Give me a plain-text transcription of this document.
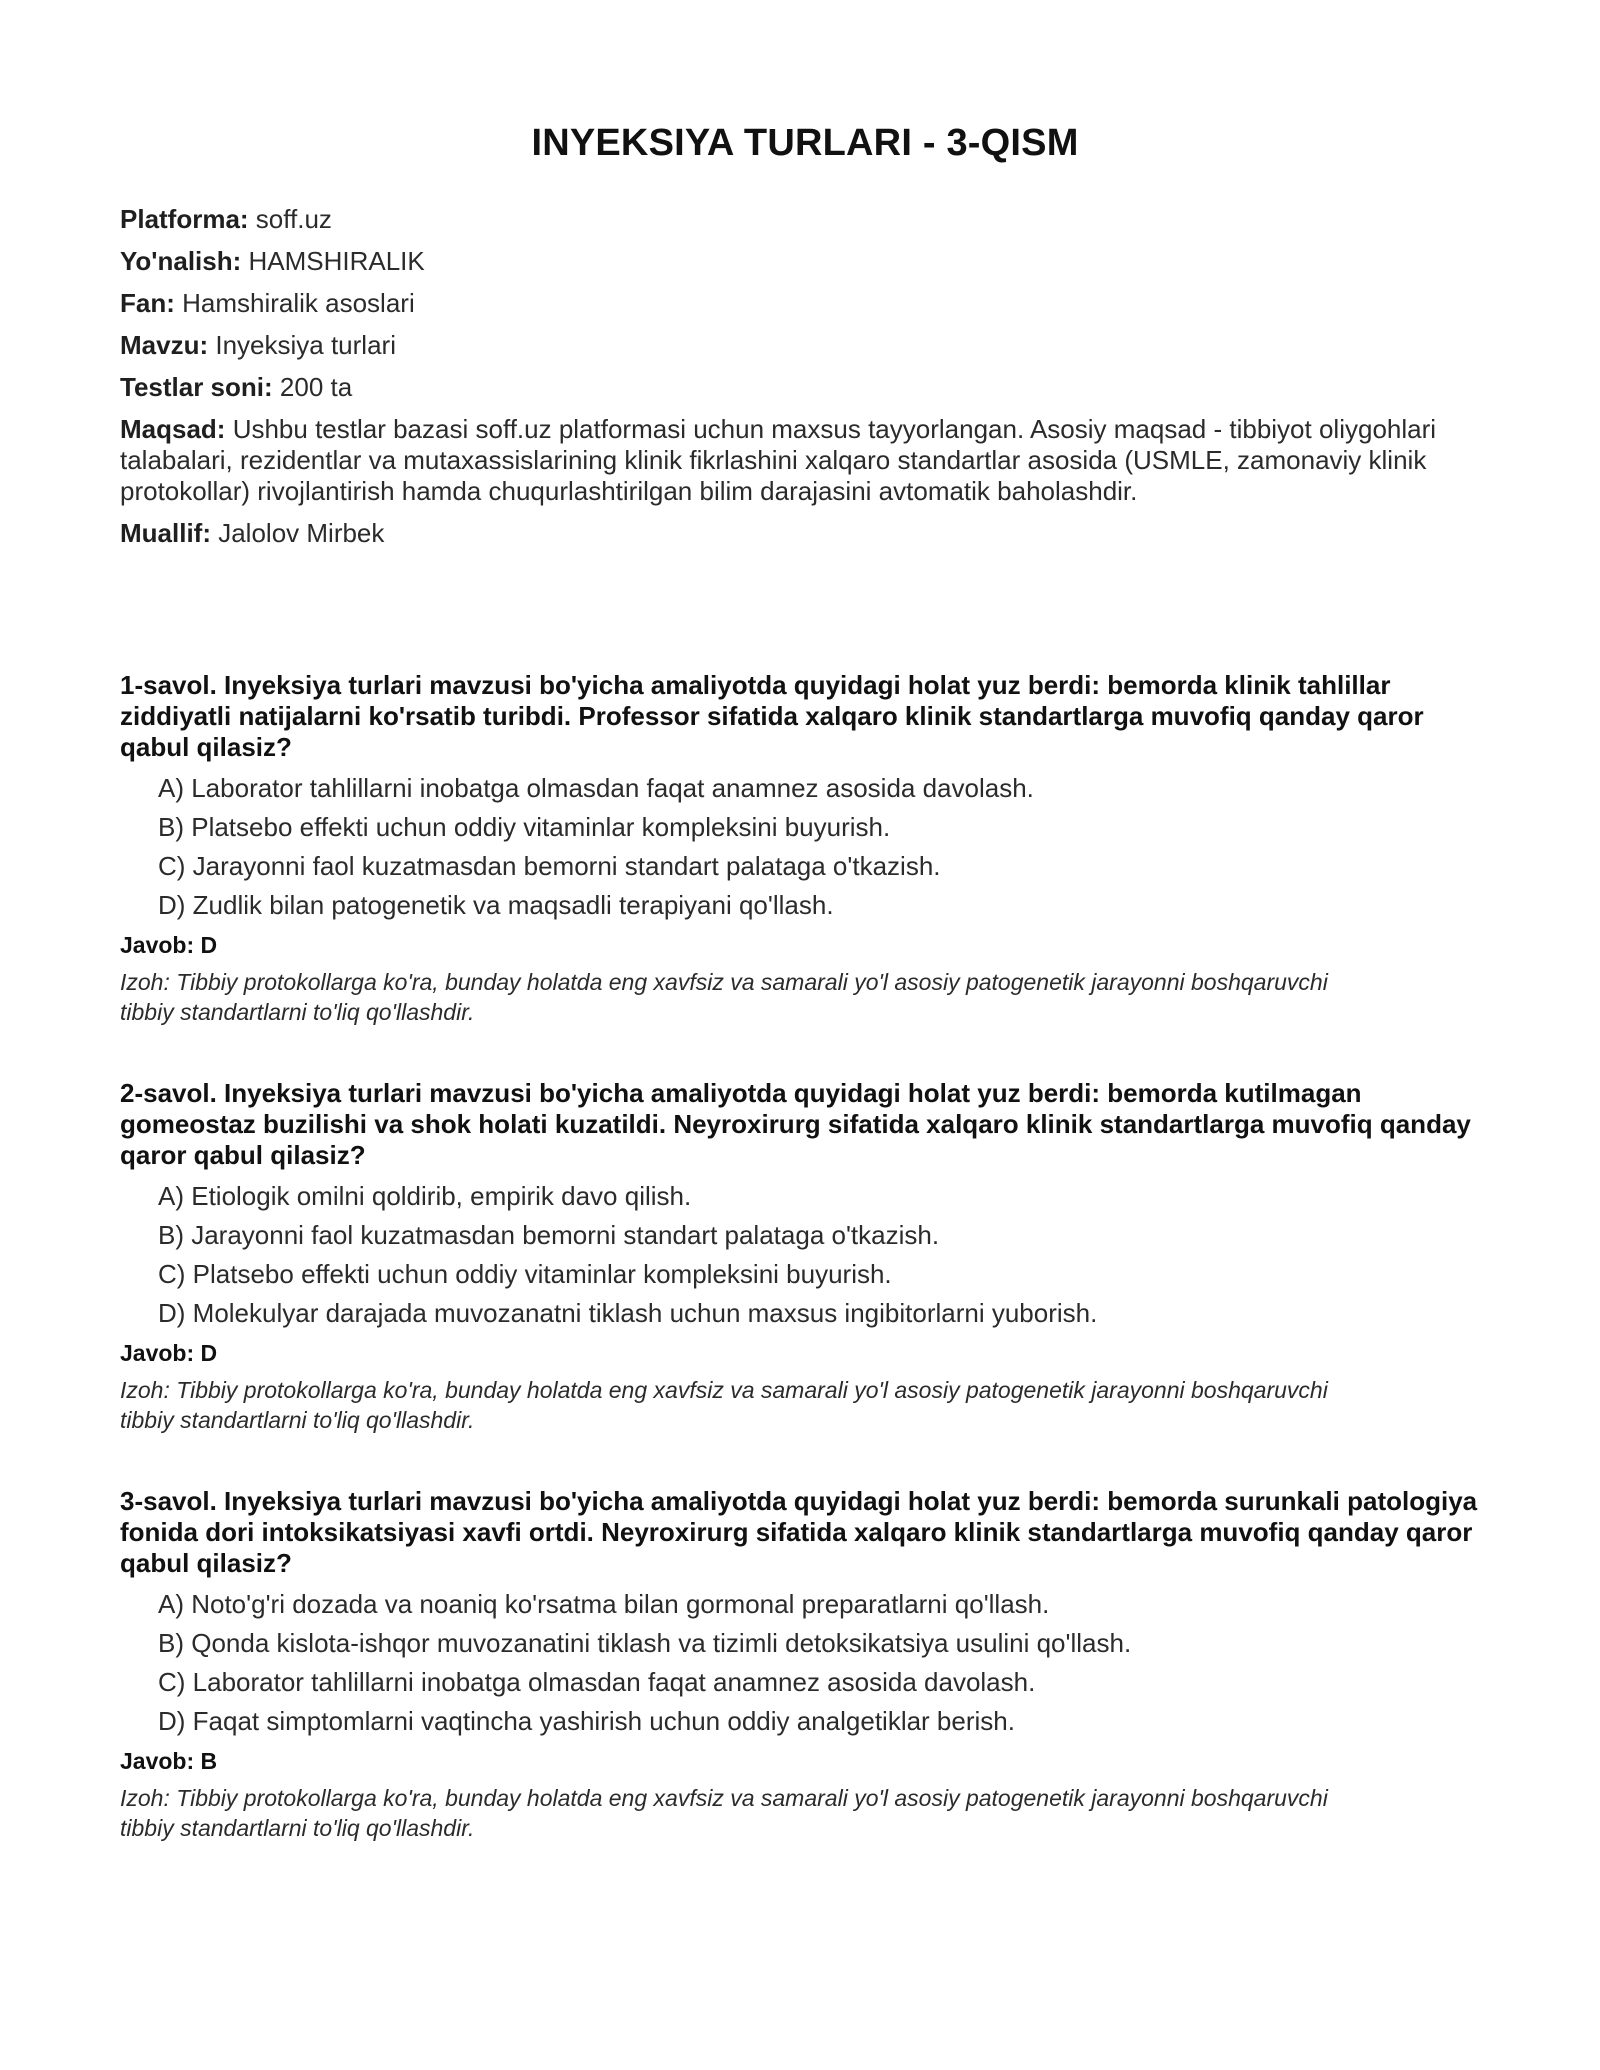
INYEKSIYA TURLARI - 3-QISM
Platforma: soff.uz
Yo'nalish: HAMSHIRALIK
Fan: Hamshiralik asoslari
Mavzu: Inyeksiya turlari
Testlar soni: 200 ta
Maqsad: Ushbu testlar bazasi soff.uz platformasi uchun maxsus tayyorlangan. Asosiy maqsad - tibbiyot oliygohlari talabalari, rezidentlar va mutaxassislarining klinik fikrlashini xalqaro standartlar asosida (USMLE, zamonaviy klinik protokollar) rivojlantirish hamda chuqurlashtirilgan bilim darajasini avtomatik baholashdir.
Muallif: Jalolov Mirbek

1-savol. Inyeksiya turlari mavzusi bo'yicha amaliyotda quyidagi holat yuz berdi: bemorda klinik tahlillar ziddiyatli natijalarni ko'rsatib turibdi. Professor sifatida xalqaro klinik standartlarga muvofiq qanday qaror qabul qilasiz?

A) Laborator tahlillarni inobatga olmasdan faqat anamnez asosida davolash.
B) Platsebo effekti uchun oddiy vitaminlar kompleksini buyurish.
C) Jarayonni faol kuzatmasdan bemorni standart palataga o'tkazish.
D) Zudlik bilan patogenetik va maqsadli terapiyani qo'llash.
Javob: D
Izoh: Tibbiy protokollarga ko'ra, bunday holatda eng xavfsiz va samarali yo'l asosiy patogenetik jarayonni boshqaruvchi tibbiy standartlarni to'liq qo'llashdir.

2-savol. Inyeksiya turlari mavzusi bo'yicha amaliyotda quyidagi holat yuz berdi: bemorda kutilmagan gomeostaz buzilishi va shok holati kuzatildi. Neyroxirurg sifatida xalqaro klinik standartlarga muvofiq qanday qaror qabul qilasiz?

A) Etiologik omilni qoldirib, empirik davo qilish.
B) Jarayonni faol kuzatmasdan bemorni standart palataga o'tkazish.
C) Platsebo effekti uchun oddiy vitaminlar kompleksini buyurish.
D) Molekulyar darajada muvozanatni tiklash uchun maxsus ingibitorlarni yuborish.
Javob: D
Izoh: Tibbiy protokollarga ko'ra, bunday holatda eng xavfsiz va samarali yo'l asosiy patogenetik jarayonni boshqaruvchi tibbiy standartlarni to'liq qo'llashdir.

3-savol. Inyeksiya turlari mavzusi bo'yicha amaliyotda quyidagi holat yuz berdi: bemorda surunkali patologiya fonida dori intoksikatsiyasi xavfi ortdi. Neyroxirurg sifatida xalqaro klinik standartlarga muvofiq qanday qaror qabul qilasiz?

A) Noto'g'ri dozada va noaniq ko'rsatma bilan gormonal preparatlarni qo'llash.
B) Qonda kislota-ishqor muvozanatini tiklash va tizimli detoksikatsiya usulini qo'llash.
C) Laborator tahlillarni inobatga olmasdan faqat anamnez asosida davolash.
D) Faqat simptomlarni vaqtincha yashirish uchun oddiy analgetiklar berish.
Javob: B
Izoh: Tibbiy protokollarga ko'ra, bunday holatda eng xavfsiz va samarali yo'l asosiy patogenetik jarayonni boshqaruvchi tibbiy standartlarni to'liq qo'llashdir.
